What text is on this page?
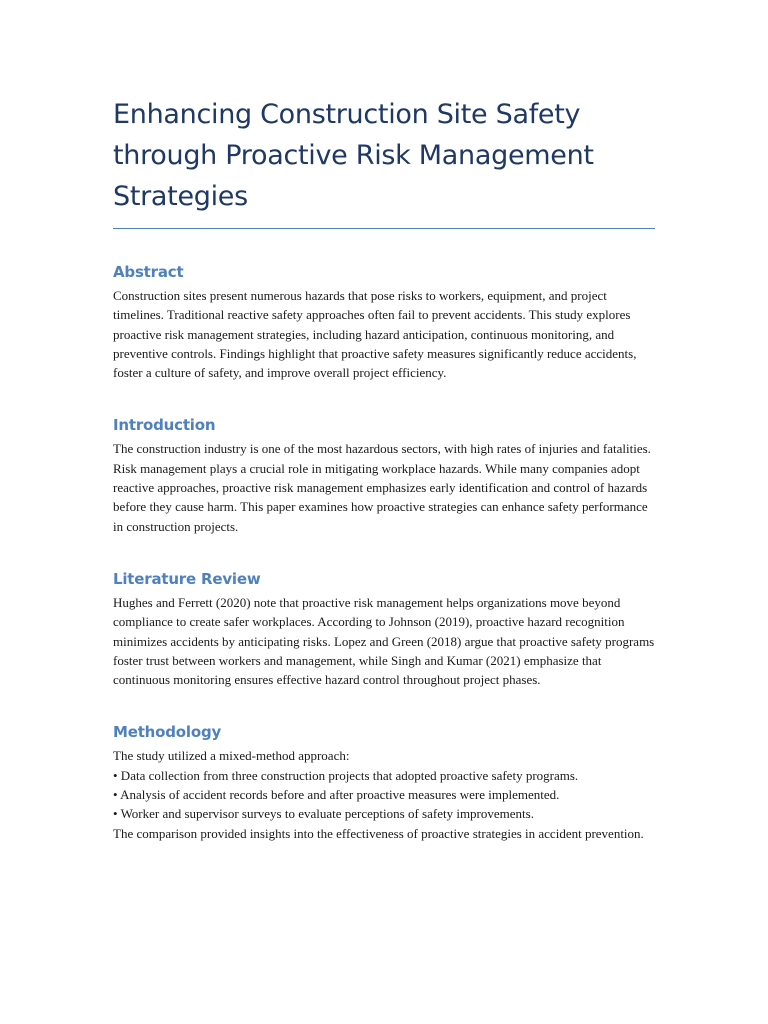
Enhancing Construction Site Safety through Proactive Risk Management Strategies
Abstract

Construction sites present numerous hazards that pose risks to workers, equipment, and project timelines. Traditional reactive safety approaches often fail to prevent accidents. This study explores proactive risk management strategies, including hazard anticipation, continuous monitoring, and preventive controls. Findings highlight that proactive safety measures significantly reduce accidents, foster a culture of safety, and improve overall project efficiency.

Introduction

The construction industry is one of the most hazardous sectors, with high rates of injuries and fatalities. Risk management plays a crucial role in mitigating workplace hazards. While many companies adopt reactive approaches, proactive risk management emphasizes early identification and control of hazards before they cause harm. This paper examines how proactive strategies can enhance safety performance in construction projects.

Literature Review

Hughes and Ferrett (2020) note that proactive risk management helps organizations move beyond compliance to create safer workplaces. According to Johnson (2019), proactive hazard recognition minimizes accidents by anticipating risks. Lopez and Green (2018) argue that proactive safety programs foster trust between workers and management, while Singh and Kumar (2021) emphasize that continuous monitoring ensures effective hazard control throughout project phases.

Methodology

The study utilized a mixed-method approach:

• Data collection from three construction projects that adopted proactive safety programs.

• Analysis of accident records before and after proactive measures were implemented.

• Worker and supervisor surveys to evaluate perceptions of safety improvements.

The comparison provided insights into the effectiveness of proactive strategies in accident prevention.
